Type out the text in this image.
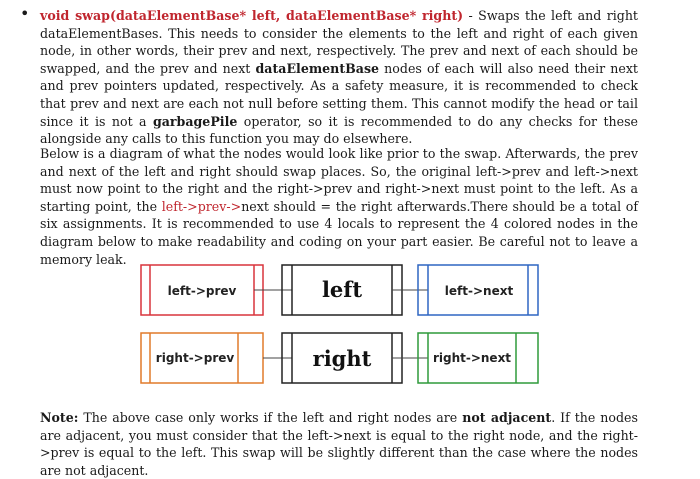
• void swap(dataElementBase* left, dataElementBase* right) - Swaps the left and right dataElementBases. This needs to consider the elements to the left and right of each given node, in other words, their prev and next, respectively. The prev and next of each should be swapped, and the prev and next dataElementBase nodes of each will also need their next and prev pointers updated, respectively. As a safety measure, it is recommended to check that prev and next are each not null before setting them. This cannot modify the head or tail since it is not a garbagePile operator, so it is recommended to do any checks for these alongside any calls to this function you may do elsewhere.

Below is a diagram of what the nodes would look like prior to the swap. Afterwards, the prev and next of the left and right should swap places. So, the original left->prev and left->next must now point to the right and the right->prev and right->next must point to the left. As a starting point, the left->prev->next should = the right afterwards.There should be a total of six assignments. It is recommended to use 4 locals to represent the 4 colored nodes in the diagram below to make readability and coding on your part easier. Be careful not to leave a memory leak.

left->prev	left	left->next
right->prev	right	right->next

Note: The above case only works if the left and right nodes are not adjacent. If the nodes are adjacent, you must consider that the left->next is equal to the right node, and the right->prev is equal to the left. This swap will be slightly different than the case where the nodes are not adjacent.
